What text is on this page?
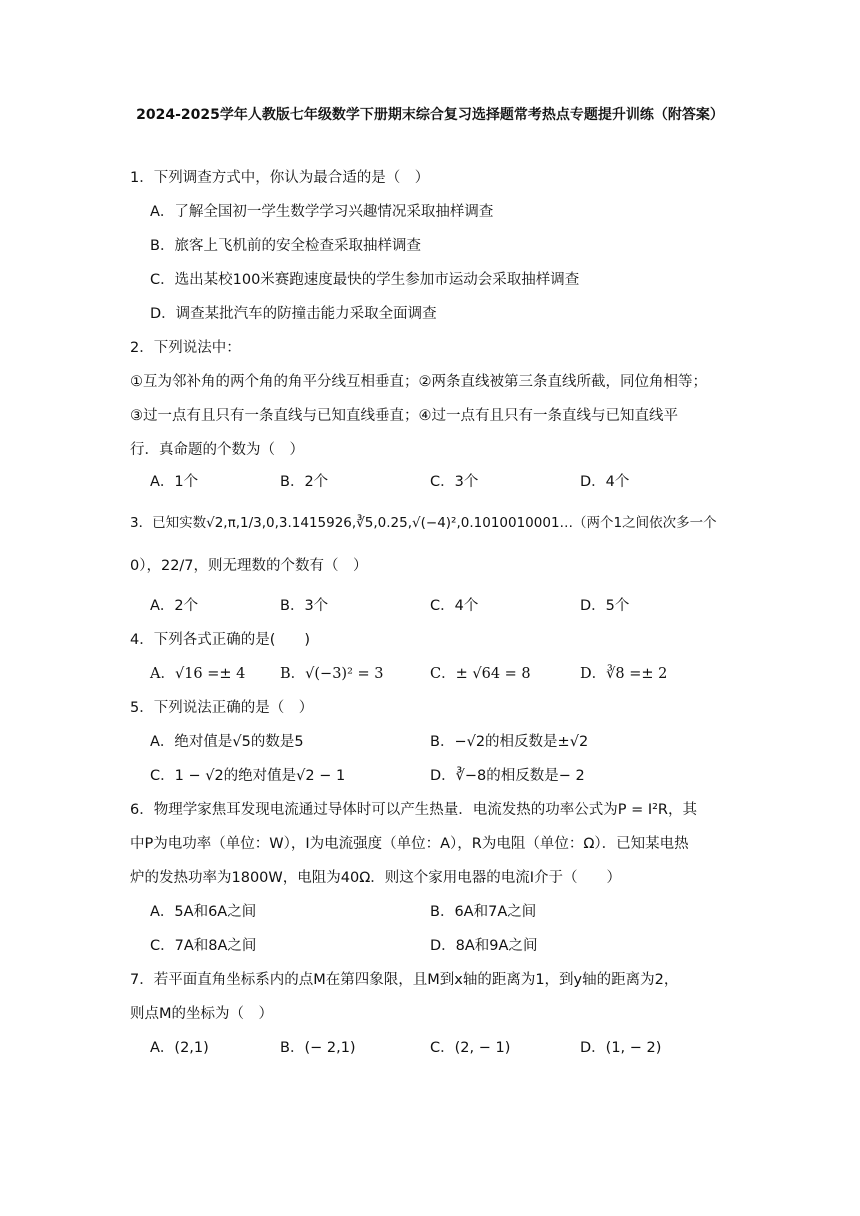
2024-2025学年人教版七年级数学下册期末综合复习选择题常考热点专题提升训练（附答案）
1．下列调查方式中，你认为最合适的是（　）
A．了解全国初一学生数学学习兴趣情况采取抽样调查
B．旅客上飞机前的安全检查采取抽样调查
C．选出某校100米赛跑速度最快的学生参加市运动会采取抽样调查
D．调查某批汽车的防撞击能力采取全面调查
2．下列说法中：
①互为邻补角的两个角的角平分线互相垂直；②两条直线被第三条直线所截，同位角相等；
③过一点有且只有一条直线与已知直线垂直；④过一点有且只有一条直线与已知直线平
行．真命题的个数为（　）
A．1个	B．2个	C．3个	D．4个
3．已知实数√2,π,1/3,0,3.1415926,∛5,0.25,√(−4)²,0.1010010001…（两个1之间依次多一个
0），22/7，则无理数的个数有（　）
A．2个	B．3个	C．4个	D．5个
4．下列各式正确的是(　　)
A．√16 =± 4 B．√(−3)² = 3	C．± √64 = 8	D．∛8 =± 2
5．下列说法正确的是（　）
A．绝对值是√5的数是5	B．−√2的相反数是±√2
C．1 − √2的绝对值是√2 − 1	D．∛−8的相反数是− 2
6．物理学家焦耳发现电流通过导体时可以产生热量．电流发热的功率公式为P = I²R，其
中P为电功率（单位：W），I为电流强度（单位：A），R为电阻（单位：Ω）．已知某电热
炉的发热功率为1800W，电阻为40Ω．则这个家用电器的电流I介于（　　）
A．5A和6A之间	B．6A和7A之间
C．7A和8A之间	D．8A和9A之间
7．若平面直角坐标系内的点M在第四象限，且M到x轴的距离为1，到y轴的距离为2，
则点M的坐标为（　）
A．(2,1)	B．(− 2,1)	C．(2, − 1)	D．(1, − 2)
